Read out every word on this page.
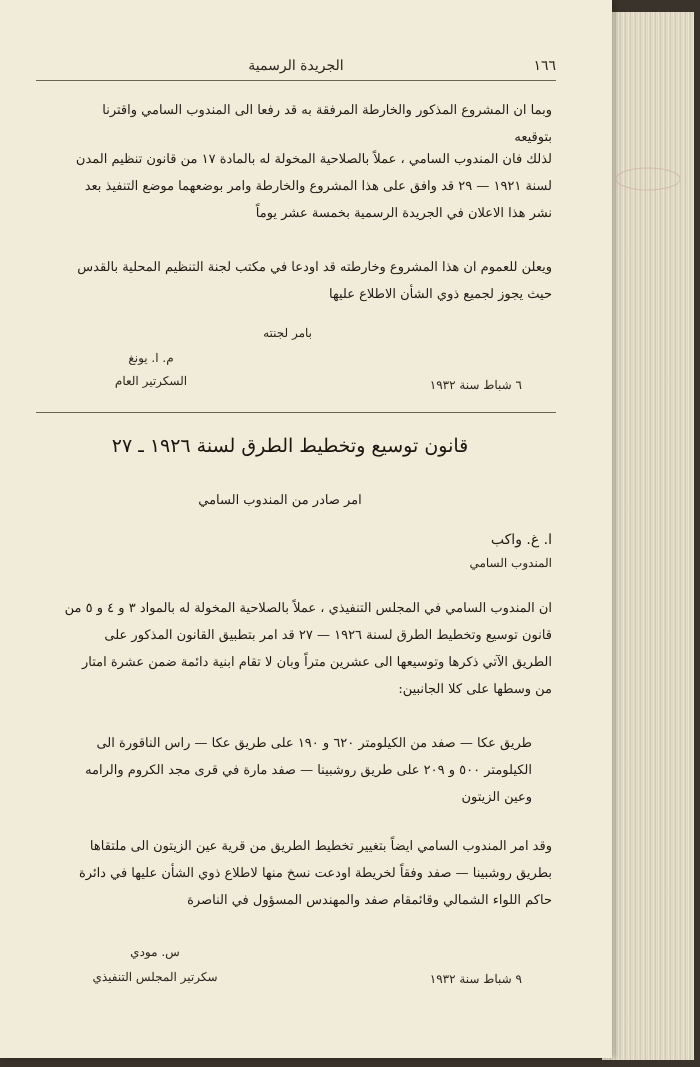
الجريدة الرسمية	١٦٦
وبما ان المشروع المذكور والخارطة المرفقة به قد رفعا الى المندوب السامي واقترنا بتوقيعه
لذلك فان المندوب السامي ، عملاً بالصلاحية المخولة له بالمادة ١٧ من قانون تنظيم المدن لسنة ١٩٢١ — ٢٩ قد وافق على هذا المشروع والخارطة وامر بوضعهما موضع التنفيذ بعد نشر هذا الاعلان في الجريدة الرسمية بخمسة عشر يوماً
ويعلن للعموم ان هذا المشروع وخارطته قد اودعا في مكتب لجنة التنظيم المحلية بالقدس حيث يجوز لجميع ذوي الشأن الاطلاع عليها
بامر لجنته
م. ا. يونغ
السكرتير العام	٦ شباط سنة ١٩٣٢
قانون توسيع وتخطيط الطرق لسنة ١٩٢٦ ـ ٢٧
امر صادر من المندوب السامي
ا. غ. واكب
المندوب السامي
ان المندوب السامي في المجلس التنفيذي ، عملاً بالصلاحية المخولة له بالمواد ٣ و ٤ و ٥ من قانون توسيع وتخطيط الطرق لسنة ١٩٢٦ — ٢٧ قد امر بتطبيق القانون المذكور على الطريق الآتي ذكرها وتوسيعها الى عشرين متراً وبان لا تقام ابنية دائمة ضمن عشرة امتار من وسطها على كلا الجانبين:
طريق عكا — صفد من الكيلومتر ٦٢٠ و ١٩٠ على طريق عكا — راس الناقورة الى الكيلومتر ٥٠٠ و ٢٠٩ على طريق روشبينا — صفد مارة في قرى مجد الكروم والرامه وعين الزيتون
وقد امر المندوب السامي ايضاً بتغيير تخطيط الطريق من قرية عين الزيتون الى ملتقاها بطريق روشبينا — صفد وفقاً لخريطة اودعت نسخ منها لاطلاع ذوي الشأن عليها في دائرة حاكم اللواء الشمالي وقائمقام صفد والمهندس المسؤول في الناصرة
س. مودي
سكرتير المجلس التنفيذي	٩ شباط سنة ١٩٣٢
